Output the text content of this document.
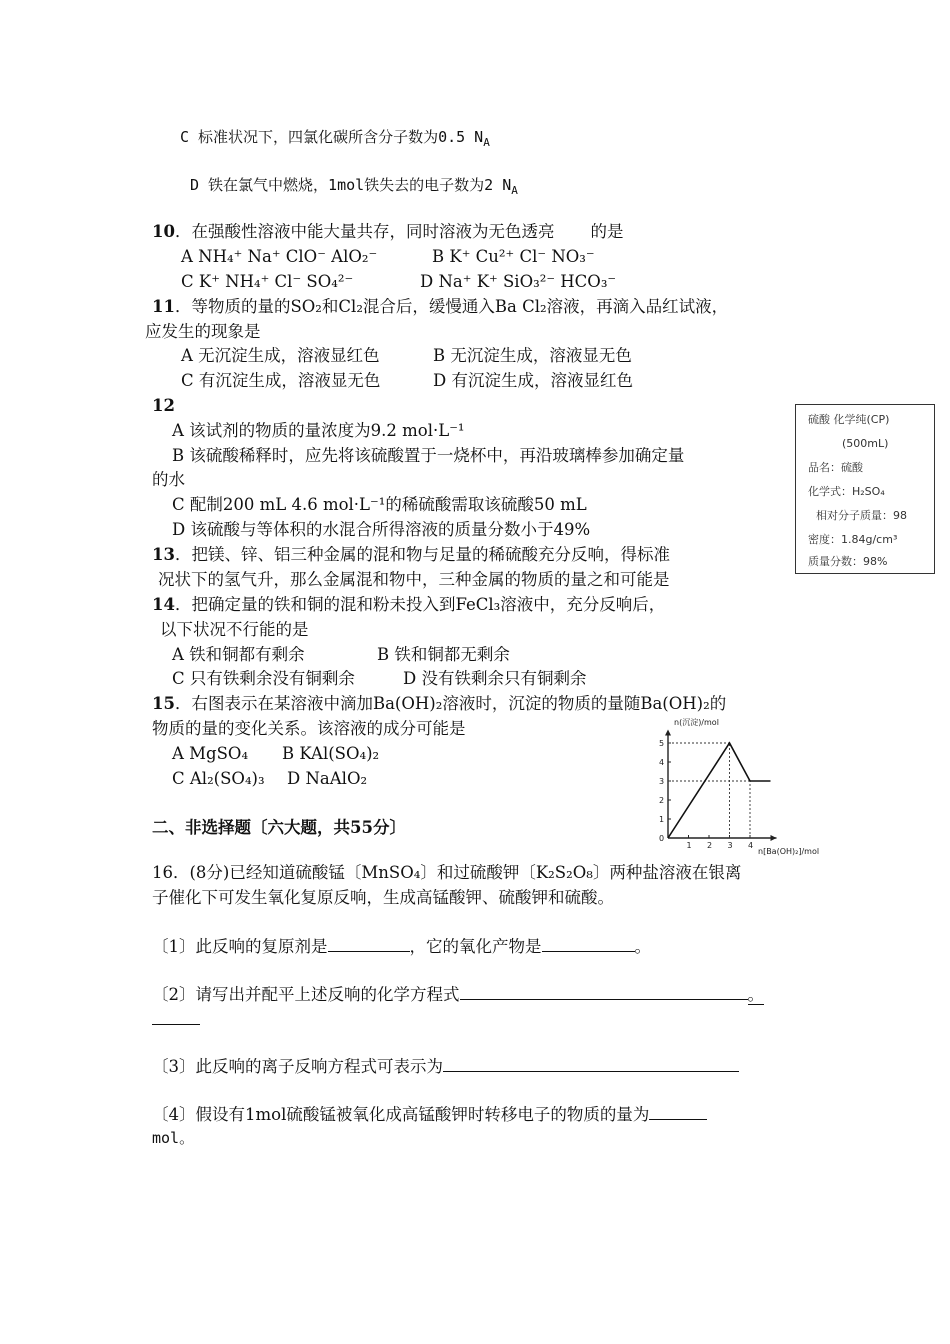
C 标准状况下，四氯化碳所含分子数为0.5 $N_A$
D 铁在氯气中燃烧，1mol铁失去的电子数为2 $N_A$
10．在强酸性溶液中能大量共存，同时溶液为无色透亮 的是
A NH₄⁺ Na⁺ ClO⁻ AlO₂⁻	B K⁺ Cu²⁺ Cl⁻ NO₃⁻
C K⁺ NH₄⁺ Cl⁻ SO₄²⁻	D Na⁺ K⁺ SiO₃²⁻ HCO₃⁻
11．等物质的量的SO₂和Cl₂混合后，缓慢通入Ba Cl₂溶液，再滴入品红试液，
应发生的现象是
A 无沉淀生成，溶液显红色	B 无沉淀生成，溶液显无色
C 有沉淀生成，溶液显无色	D 有沉淀生成，溶液显红色
12
A 该试剂的物质的量浓度为9.2 mol·L⁻¹
B 该硫酸稀释时，应先将该硫酸置于一烧杯中，再沿玻璃棒参加确定量
的水
C 配制200 mL 4.6 mol·L⁻¹的稀硫酸需取该硫酸50 mL
D 该硫酸与等体积的水混合所得溶液的质量分数小于49%
硫酸 化学纯(CP)
(500mL)
品名：硫酸
化学式：H₂SO₄
相对分子质量：98
密度：1.84g/cm³
质量分数：98%
13．把镁、锌、铝三种金属的混和物与足量的稀硫酸充分反响，得标准
况状下的氢气升，那么金属混和物中，三种金属的物质的量之和可能是
14．把确定量的铁和铜的混和粉未投入到FeCl₃溶液中，充分反响后，
以下状况不行能的是
A 铁和铜都有剩余	B 铁和铜都无剩余
C 只有铁剩余没有铜剩余	D 没有铁剩余只有铜剩余
15．右图表示在某溶液中滴加Ba(OH)₂溶液时，沉淀的物质的量随Ba(OH)₂的
物质的量的变化关系。该溶液的成分可能是
A MgSO₄ B KAl(SO₄)₂
C Al₂(SO₄)₃ D NaAlO₂
n(沉淀)/mol
n[Ba(OH)₂]/mol
0
1
2
3
4
5
1 2 3 4
二、非选择题〔六大题，共55分〕
16．(8分)已经知道硫酸锰〔MnSO₄〕和过硫酸钾〔K₂S₂O₈〕两种盐溶液在银离
子催化下可发生氧化复原反响，生成高锰酸钾、硫酸钾和硫酸。
〔1〕此反响的复原剂是	，它的氧化产物是	。
〔2〕请写出并配平上述反响的化学方程式	。
〔3〕此反响的离子反响方程式可表示为
〔4〕假设有1mol硫酸锰被氧化成高锰酸钾时转移电子的物质的量为
mol。
